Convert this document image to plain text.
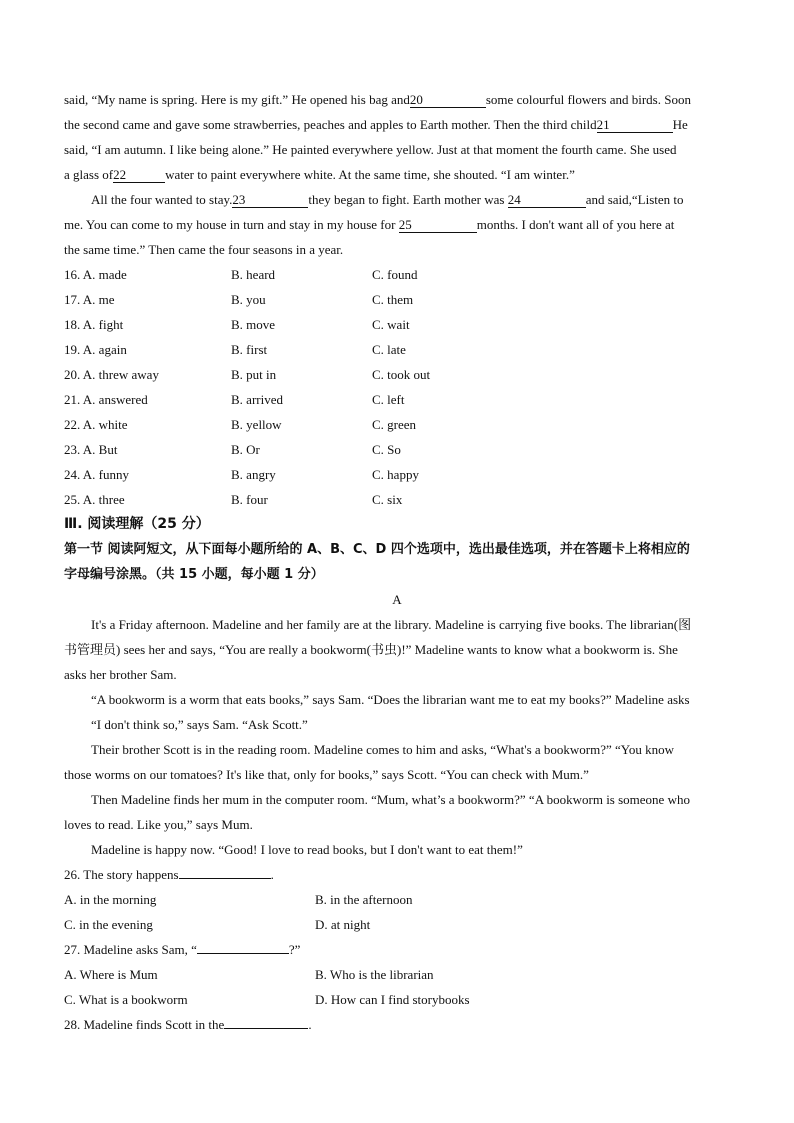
said, “My name is spring. Here is my gift.” He opened his bag and20	some colourful flowers and birds. Soon
the second came and gave some strawberries, peaches and apples to Earth mother. Then the third child21	He
said, “I am autumn. I like being alone.” He painted everywhere yellow. Just at that moment the fourth came. She used
a glass of22	water to paint everywhere white. At the same time, she shouted. “I am winter.”
All the four wanted to stay.23	they began to fight. Earth mother was 24	and said,“Listen to
me. You can come to my house in turn and stay in my house for 25	months. I don't want all of you here at
the same time.” Then came the four seasons in a year.
16. A. made	B. heard	C. found
17. A. me	B. you	C. them
18. A. fight	B. move	C. wait
19. A. again	B. first	C. late
20. A. threw away	B. put in	C. took out
21. A. answered	B. arrived	C. left
22. A. white	B. yellow	C. green
23. A. But	B. Or	C. So
24. A. funny	B. angry	C. happy
25. A. three	B. four	C. six
Ⅲ. 阅读理解（25 分）
第一节 阅读阿短文，从下面每小题所给的 A、B、C、D 四个选项中，选出最佳选项，并在答题卡上将相应的
字母编号涂黑。（共 15 小题，每小题 1 分）
A
It's a Friday afternoon. Madeline and her family are at the library. Madeline is carrying five books. The librarian(图
书管理员) sees her and says, “You are really a bookworm(书虫)!” Madeline wants to know what a bookworm is. She
asks her brother Sam.
“A bookworm is a worm that eats books,” says Sam. “Does the librarian want me to eat my books?” Madeline asks
“I don't think so,” says Sam. “Ask Scott.”
Their brother Scott is in the reading room. Madeline comes to him and asks, “What's a bookworm?” “You know
those worms on our tomatoes? It's like that, only for books,” says Scott. “You can check with Mum.”
Then Madeline finds her mum in the computer room. “Mum, what’s a bookworm?” “A bookworm is someone who
loves to read. Like you,” says Mum.
Madeline is happy now. “Good! I love to read books, but I don't want to eat them!”
26. The story happens	.
A. in the morning	B. in the afternoon
C. in the evening	D. at night
27. Madeline asks Sam, “	?”
A. Where is Mum	B. Who is the librarian
C. What is a bookworm	D. How can I find storybooks
28. Madeline finds Scott in the	.
